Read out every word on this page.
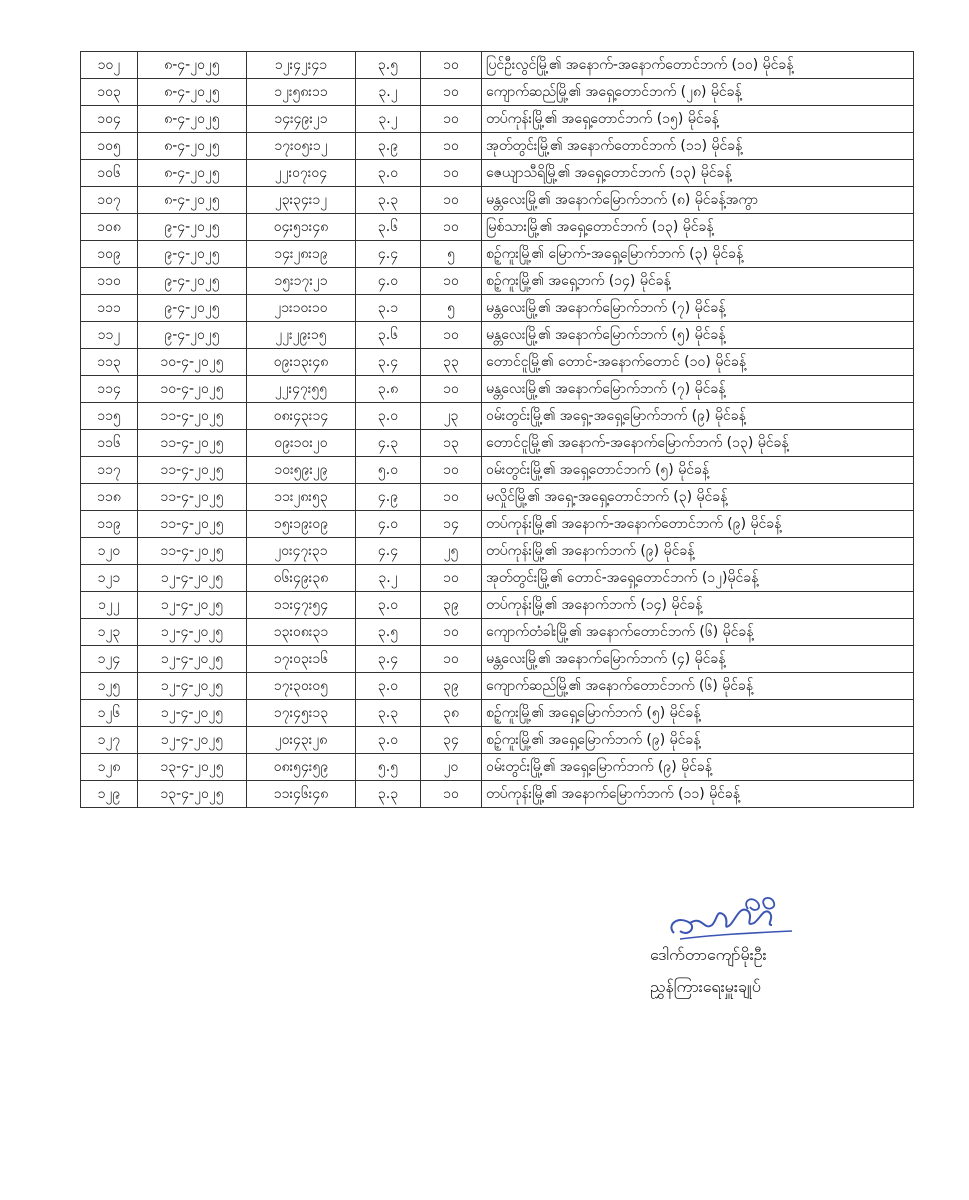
၁၀၂	၈-၄-၂၀၂၅	၁၂း၄၂း၄၁	၃.၅	၁၀	ပြင်ဦးလွင်မြို့၏ အနောက်-အနောက်တောင်ဘက် (၁၀) မိုင်ခန့်
၁၀၃	၈-၄-၂၀၂၅	၁၂း၅၈း၁၁	၃.၂	၁၀	ကျောက်ဆည်မြို့၏ အရှေ့တောင်ဘက် (၂၈) မိုင်ခန့်
၁၀၄	၈-၄-၂၀၂၅	၁၄း၄၉း၂၁	၃.၂	၁၀	တပ်ကုန်းမြို့၏ အရှေ့တောင်ဘက် (၁၅) မိုင်ခန့်
၁၀၅	၈-၄-၂၀၂၅	၁၇း၀၅း၁၂	၃.၉	၁၀	အုတ်တွင်းမြို့၏ အနောက်တောင်ဘက် (၁၁) မိုင်ခန့်
၁၀၆	၈-၄-၂၀၂၅	၂၂း၀၇း၀၄	၃.၀	၁၀	ဇေယျာသီရိမြို့၏ အရှေ့တောင်ဘက် (၁၃) မိုင်ခန့်
၁၀၇	၈-၄-၂၀၂၅	၂၃း၃၄း၁၂	၃.၃	၁၀	မန္တလေးမြို့၏ အနောက်မြောက်ဘက် (၈) မိုင်ခန့်အကွာ
၁၀၈	၉-၄-၂၀၂၅	၀၄း၅၁း၄၈	၃.၆	၁၀	မြစ်သားမြို့၏ အရှေ့တောင်ဘက် (၁၃) မိုင်ခန့်
၁၀၉	၉-၄-၂၀၂၅	၁၄း၂၈း၁၉	၄.၄	၅	စဉ့်ကူးမြို့၏ မြောက်-အရှေ့မြောက်ဘက် (၃) မိုင်ခန့်
၁၁၀	၉-၄-၂၀၂၅	၁၅း၁၇း၂၁	၄.၀	၁၀	စဉ့်ကူးမြို့၏ အရှေ့ဘက် (၁၄) မိုင်ခန့်
၁၁၁	၉-၄-၂၀၂၅	၂၁း၁၀း၁၀	၃.၁	၅	မန္တလေးမြို့၏ အနောက်မြောက်ဘက် (၇) မိုင်ခန့်
၁၁၂	၉-၄-၂၀၂၅	၂၂း၂၉း၁၅	၃.၆	၁၀	မန္တလေးမြို့၏ အနောက်မြောက်ဘက် (၅) မိုင်ခန့်
၁၁၃	၁၀-၄-၂၀၂၅	၀၉း၁၃း၄၈	၃.၄	၃၃	တောင်ငူမြို့၏ တောင်-အနောက်တောင် (၁၀) မိုင်ခန့်
၁၁၄	၁၀-၄-၂၀၂၅	၂၂း၄၇း၅၅	၃.၈	၁၀	မန္တလေးမြို့၏ အနောက်မြောက်ဘက် (၇) မိုင်ခန့်
၁၁၅	၁၁-၄-၂၀၂၅	၀၈း၄၃း၁၄	၃.၀	၂၃	ဝမ်းတွင်းမြို့၏ အရှေ့-အရှေ့မြောက်ဘက် (၉) မိုင်ခန့်
၁၁၆	၁၁-၄-၂၀၂၅	၀၉း၁၀း၂၀	၄.၃	၁၃	တောင်ငူမြို့၏ အနောက်-အနောက်မြောက်ဘက် (၁၃) မိုင်ခန့်
၁၁၇	၁၁-၄-၂၀၂၅	၁၀း၅၉း၂၉	၅.၀	၁၀	ဝမ်းတွင်းမြို့၏ အရှေ့တောင်ဘက် (၅) မိုင်ခန့်
၁၁၈	၁၁-၄-၂၀၂၅	၁၁း၂၈း၅၃	၄.၉	၁၀	မလှိုင်မြို့၏ အရှေ့-အရှေ့တောင်ဘက် (၃) မိုင်ခန့်
၁၁၉	၁၁-၄-၂၀၂၅	၁၅း၁၉း၀၉	၄.၀	၁၄	တပ်ကုန်းမြို့၏ အနောက်-အနောက်တောင်ဘက် (၉) မိုင်ခန့်
၁၂၀	၁၁-၄-၂၀၂၅	၂၀း၄၇း၃၁	၄.၄	၂၅	တပ်ကုန်းမြို့၏ အနောက်ဘက် (၉) မိုင်ခန့်
၁၂၁	၁၂-၄-၂၀၂၅	၀၆း၄၉း၃၈	၃.၂	၁၀	အုတ်တွင်းမြို့၏ တောင်-အရှေ့တောင်ဘက် (၁၂)မိုင်ခန့်
၁၂၂	၁၂-၄-၂၀၂၅	၁၁း၄၇း၅၄	၃.၀	၃၉	တပ်ကုန်းမြို့၏ အနောက်ဘက် (၁၄) မိုင်ခန့်
၁၂၃	၁၂-၄-၂၀၂၅	၁၃း၀၈း၃၁	၃.၅	၁၀	ကျောက်တံခါးမြို့၏ အနောက်တောင်ဘက် (၆) မိုင်ခန့်
၁၂၄	၁၂-၄-၂၀၂၅	၁၇း၀၃း၁၆	၃.၄	၁၀	မန္တလေးမြို့၏ အနောက်မြောက်ဘက် (၄) မိုင်ခန့်
၁၂၅	၁၂-၄-၂၀၂၅	၁၇း၃၀း၀၅	၃.၀	၃၉	ကျောက်ဆည်မြို့၏ အနောက်တောင်ဘက် (၆) မိုင်ခန့်
၁၂၆	၁၂-၄-၂၀၂၅	၁၇း၄၅း၁၃	၃.၃	၃၈	စဉ့်ကူးမြို့၏ အရှေ့မြောက်ဘက် (၅) မိုင်ခန့်
၁၂၇	၁၂-၄-၂၀၂၅	၂၀း၄၃း၂၈	၃.၀	၃၄	စဉ့်ကူးမြို့၏ အရှေ့မြောက်ဘက် (၉) မိုင်ခန့်
၁၂၈	၁၃-၄-၂၀၂၅	၀၈း၅၄း၅၉	၅.၅	၂၀	ဝမ်းတွင်းမြို့၏ အရှေ့မြောက်ဘက် (၉) မိုင်ခန့်
၁၂၉	၁၃-၄-၂၀၂၅	၁၁း၄၆း၄၈	၃.၃	၁၀	တပ်ကုန်းမြို့၏ အနောက်မြောက်ဘက် (၁၁) မိုင်ခန့်
ဒေါက်တာကျော်မိုးဦး
ညွှန်ကြားရေးမှူးချုပ်
